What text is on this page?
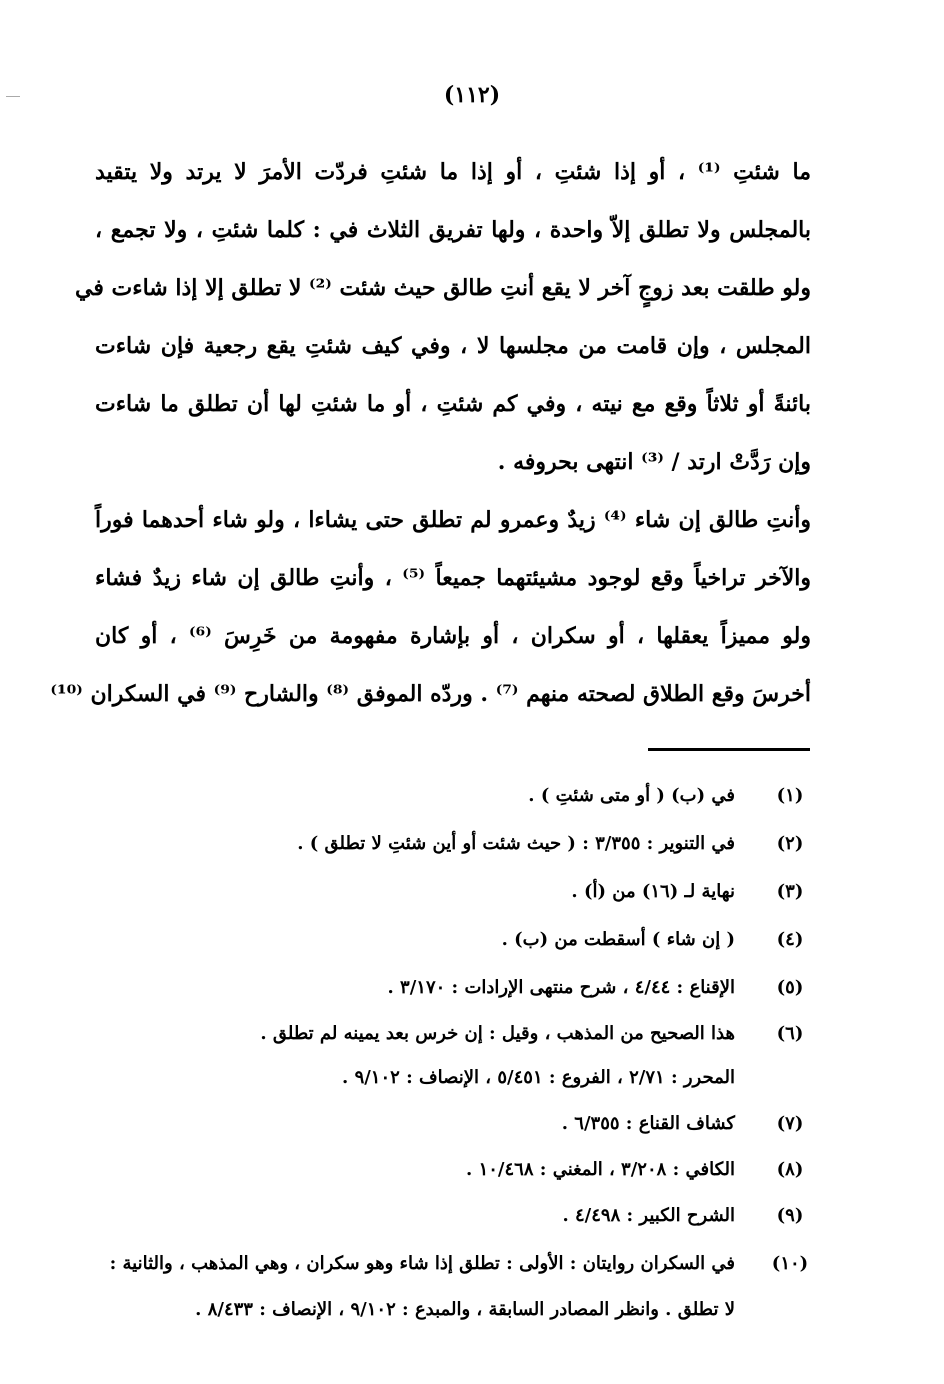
(١١٢)
ما شئتِ ⁽¹⁾ ، أو إذا شئتِ ، أو إذا ما شئتِ فردّت الأمرَ لا يرتد ولا يتقيد
بالمجلس ولا تطلق إلاّ واحدة ، ولها تفريق الثلاث في : كلما شئتِ ، ولا تجمع ،
ولو طلقت بعد زوجٍ آخر لا يقع أنتِ طالق حيث شئت ⁽²⁾ لا تطلق إلا إذا شاءت في
المجلس ، وإن قامت من مجلسها لا ، وفي كيف شئتِ يقع رجعية فإن شاءت
بائنةً أو ثلاثاً وقع مع نيته ، وفي كم شئتِ ، أو ما شئتِ لها أن تطلق ما شاءت
وإن رَدَّتْ ارتد / ⁽³⁾ انتهى بحروفه .
وأنتِ طالق إن شاء ⁽⁴⁾ زيدٌ وعمرو لم تطلق حتى يشاءا ، ولو شاء أحدهما فوراً
والآخر تراخياً وقع لوجود مشيئتهما جميعاً ⁽⁵⁾ ، وأنتِ طالق إن شاء زيدٌ فشاء
ولو مميزاً يعقلها ، أو سكران ، أو بإشارة مفهومة من خَرِسَ ⁽⁶⁾ ، أو كان
أخرسَ وقع الطلاق لصحته منهم ⁽⁷⁾ . وردّه الموفق ⁽⁸⁾ والشارح ⁽⁹⁾ في السكران ⁽¹⁰⁾
(١)
في (ب) ( أو متى شئتِ ) .
(٢)
في التنوير : ٣/٣٥٥ : ( حيث شئت أو أين شئتِ لا تطلق ) .
(٣)
نهاية لـ (١٦) من (أ) .
(٤)
( إن شاء ) أسقطت من (ب) .
(٥)
الإقناع : ٤/٤٤ ، شرح منتهى الإرادات : ٣/١٧٠ .
(٦)
هذا الصحيح من المذهب ، وقيل : إن خرس بعد يمينه لم تطلق .
المحرر : ٢/٧١ ، الفروع : ٥/٤٥١ ، الإنصاف : ٩/١٠٢ .
(٧)
كشاف القناع : ٦/٣٥٥ .
(٨)
الكافي : ٣/٢٠٨ ، المغني : ١٠/٤٦٨ .
(٩)
الشرح الكبير : ٤/٤٩٨ .
(١٠)
في السكران روايتان : الأولى : تطلق إذا شاء وهو سكران ، وهي المذهب ، والثانية :
لا تطلق . وانظر المصادر السابقة ، والمبدع : ٩/١٠٢ ، الإنصاف : ٨/٤٣٣ .
